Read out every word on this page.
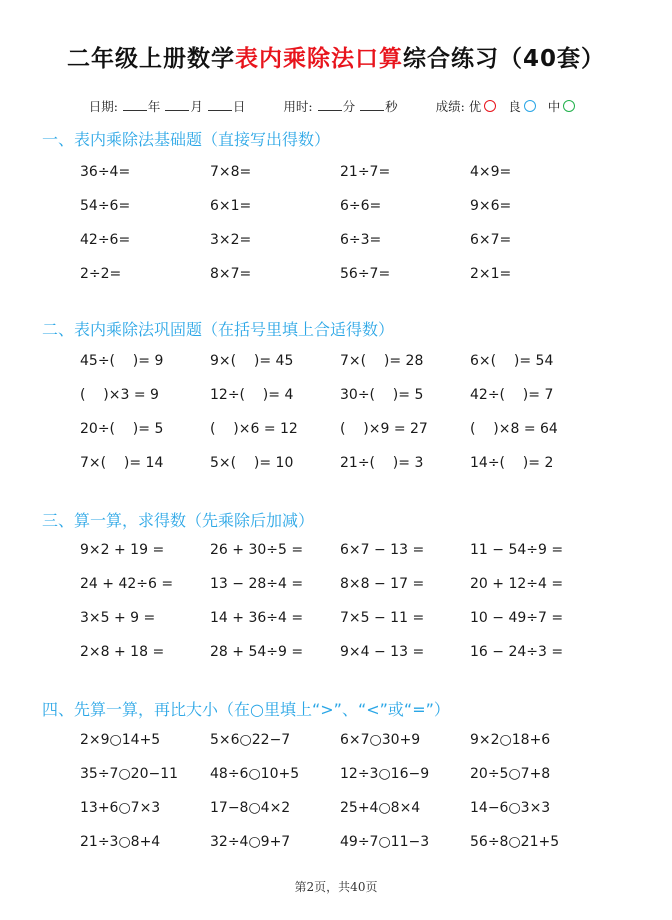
二年级上册数学表内乘除法口算综合练习（40套）
日期: 年 月 日	用时: 分 秒	成绩: 优 良 中
一、表内乘除法基础题（直接写出得数）
36÷4=	7×8=	21÷7=	4×9=
54÷6=	6×1=	6÷6=	9×6=
42÷6=	3×2=	6÷3=	6×7=
2÷2=	8×7=	56÷7=	2×1=
二、表内乘除法巩固题（在括号里填上合适得数）
45÷(    )= 9	9×(    )= 45	7×(    )= 28	6×(    )= 54
(    )×3 = 9	12÷(    )= 4	30÷(    )= 5	42÷(    )= 7
20÷(    )= 5	(    )×6 = 12	(    )×9 = 27	(    )×8 = 64
7×(    )= 14	5×(    )= 10	21÷(    )= 3	14÷(    )= 2
三、算一算，求得数（先乘除后加减）
9×2 + 19 =	26 + 30÷5 =	6×7 − 13 =	11 − 54÷9 =
24 + 42÷6 =	13 − 28÷4 =	8×8 − 17 =	20 + 12÷4 =
3×5 + 9 =	14 + 36÷4 =	7×5 − 11 =	10 − 49÷7 =
2×8 + 18 =	28 + 54÷9 =	9×4 − 13 =	16 − 24÷3 =
四、先算一算，再比大小（在○里填上“>”、“<”或“=”）
2×9○14+5	5×6○22−7	6×7○30+9	9×2○18+6
35÷7○20−11	48÷6○10+5	12÷3○16−9	20÷5○7+8
13+6○7×3	17−8○4×2	25+4○8×4	14−6○3×3
21÷3○8+4	32÷4○9+7	49÷7○11−3	56÷8○21+5
第2页，共40页
